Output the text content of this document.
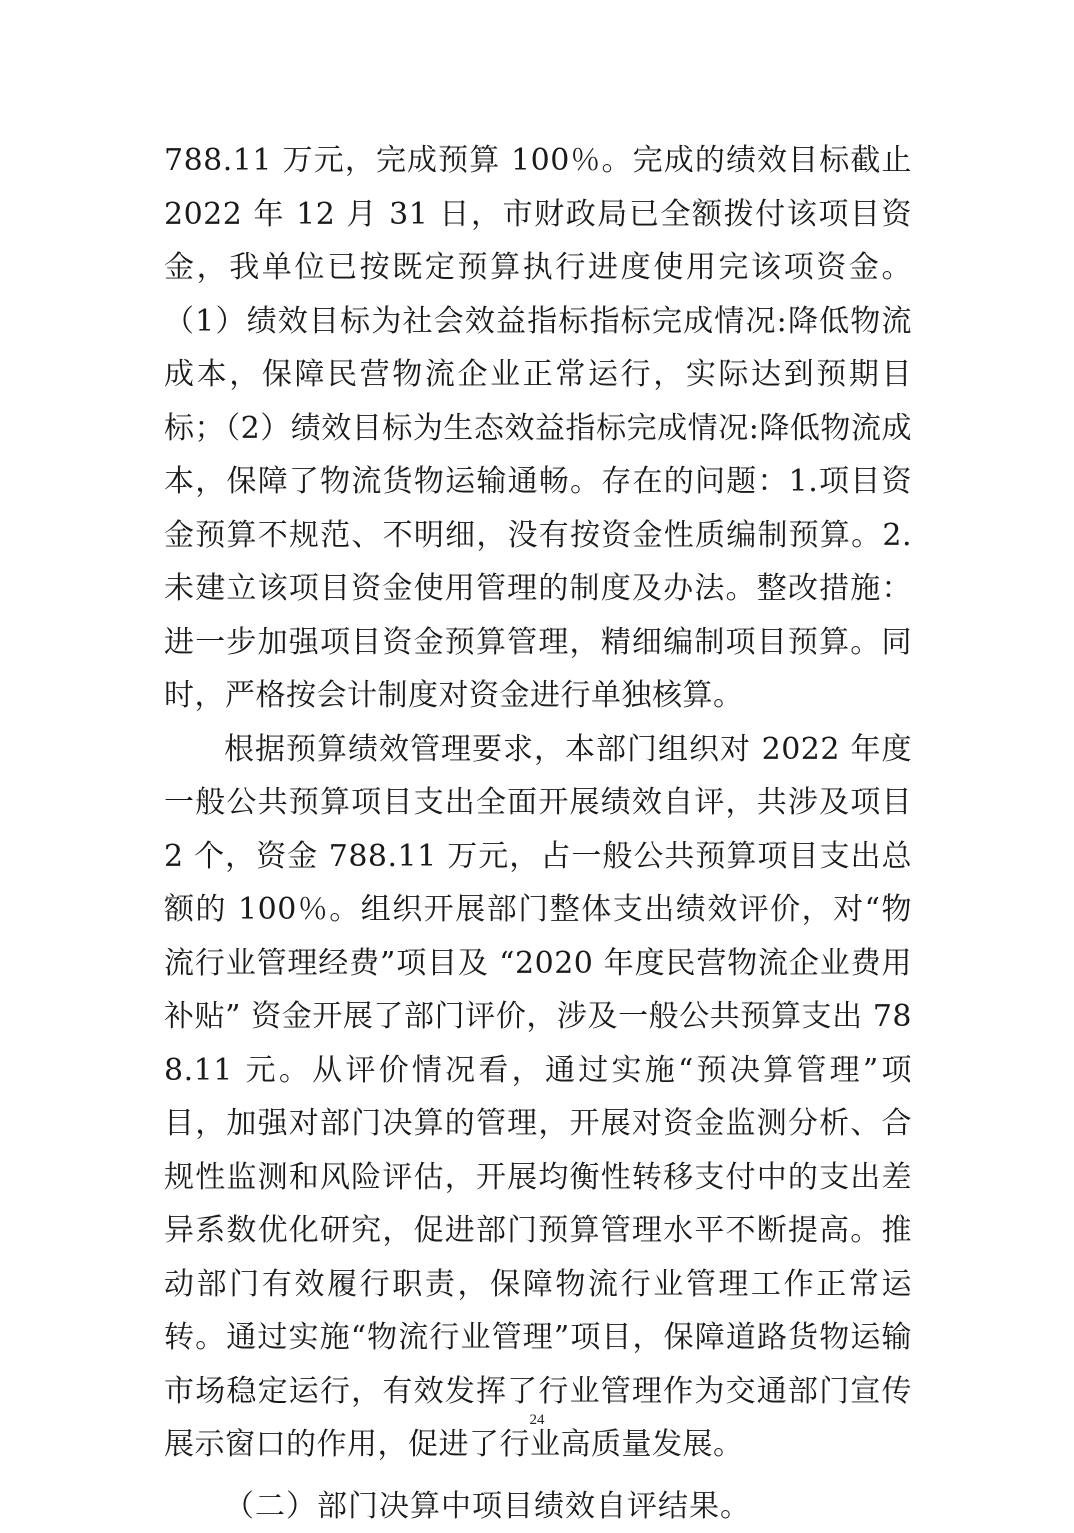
788.11 万元，完成预算 100％。完成的绩效目标截止 2022 年 12 月 31 日，市财政局已全额拨付该项目资金，我单位已按既定预算执行进度使用完该项资金。（1）绩效目标为社会效益指标指标完成情况:降低物流成本，保障民营物流企业正常运行，实际达到预期目标；（2）绩效目标为生态效益指标完成情况:降低物流成本，保障了物流货物运输通畅。存在的问题：1.项目资金预算不规范、不明细，没有按资金性质编制预算。2.未建立该项目资金使用管理的制度及办法。整改措施：进一步加强项目资金预算管理，精细编制项目预算。同时，严格按会计制度对资金进行单独核算。

根据预算绩效管理要求，本部门组织对 2022 年度一般公共预算项目支出全面开展绩效自评，共涉及项目 2 个，资金 788.11 万元，占一般公共预算项目支出总额的 100％。组织开展部门整体支出绩效评价，对“物流行业管理经费”项目及 “2020 年度民营物流企业费用补贴” 资金开展了部门评价，涉及一般公共预算支出 788.11 元。从评价情况看，通过实施“预决算管理”项目，加强对部门决算的管理，开展对资金监测分析、合规性监测和风险评估，开展均衡性转移支付中的支出差异系数优化研究，促进部门预算管理水平不断提高。推动部门有效履行职责，保障物流行业管理工作正常运转。通过实施“物流行业管理”项目，保障道路货物运输市场稳定运行，有效发挥了行业管理作为交通部门宣传展示窗口的作用，促进了行业高质量发展。

（二）部门决算中项目绩效自评结果。

24
